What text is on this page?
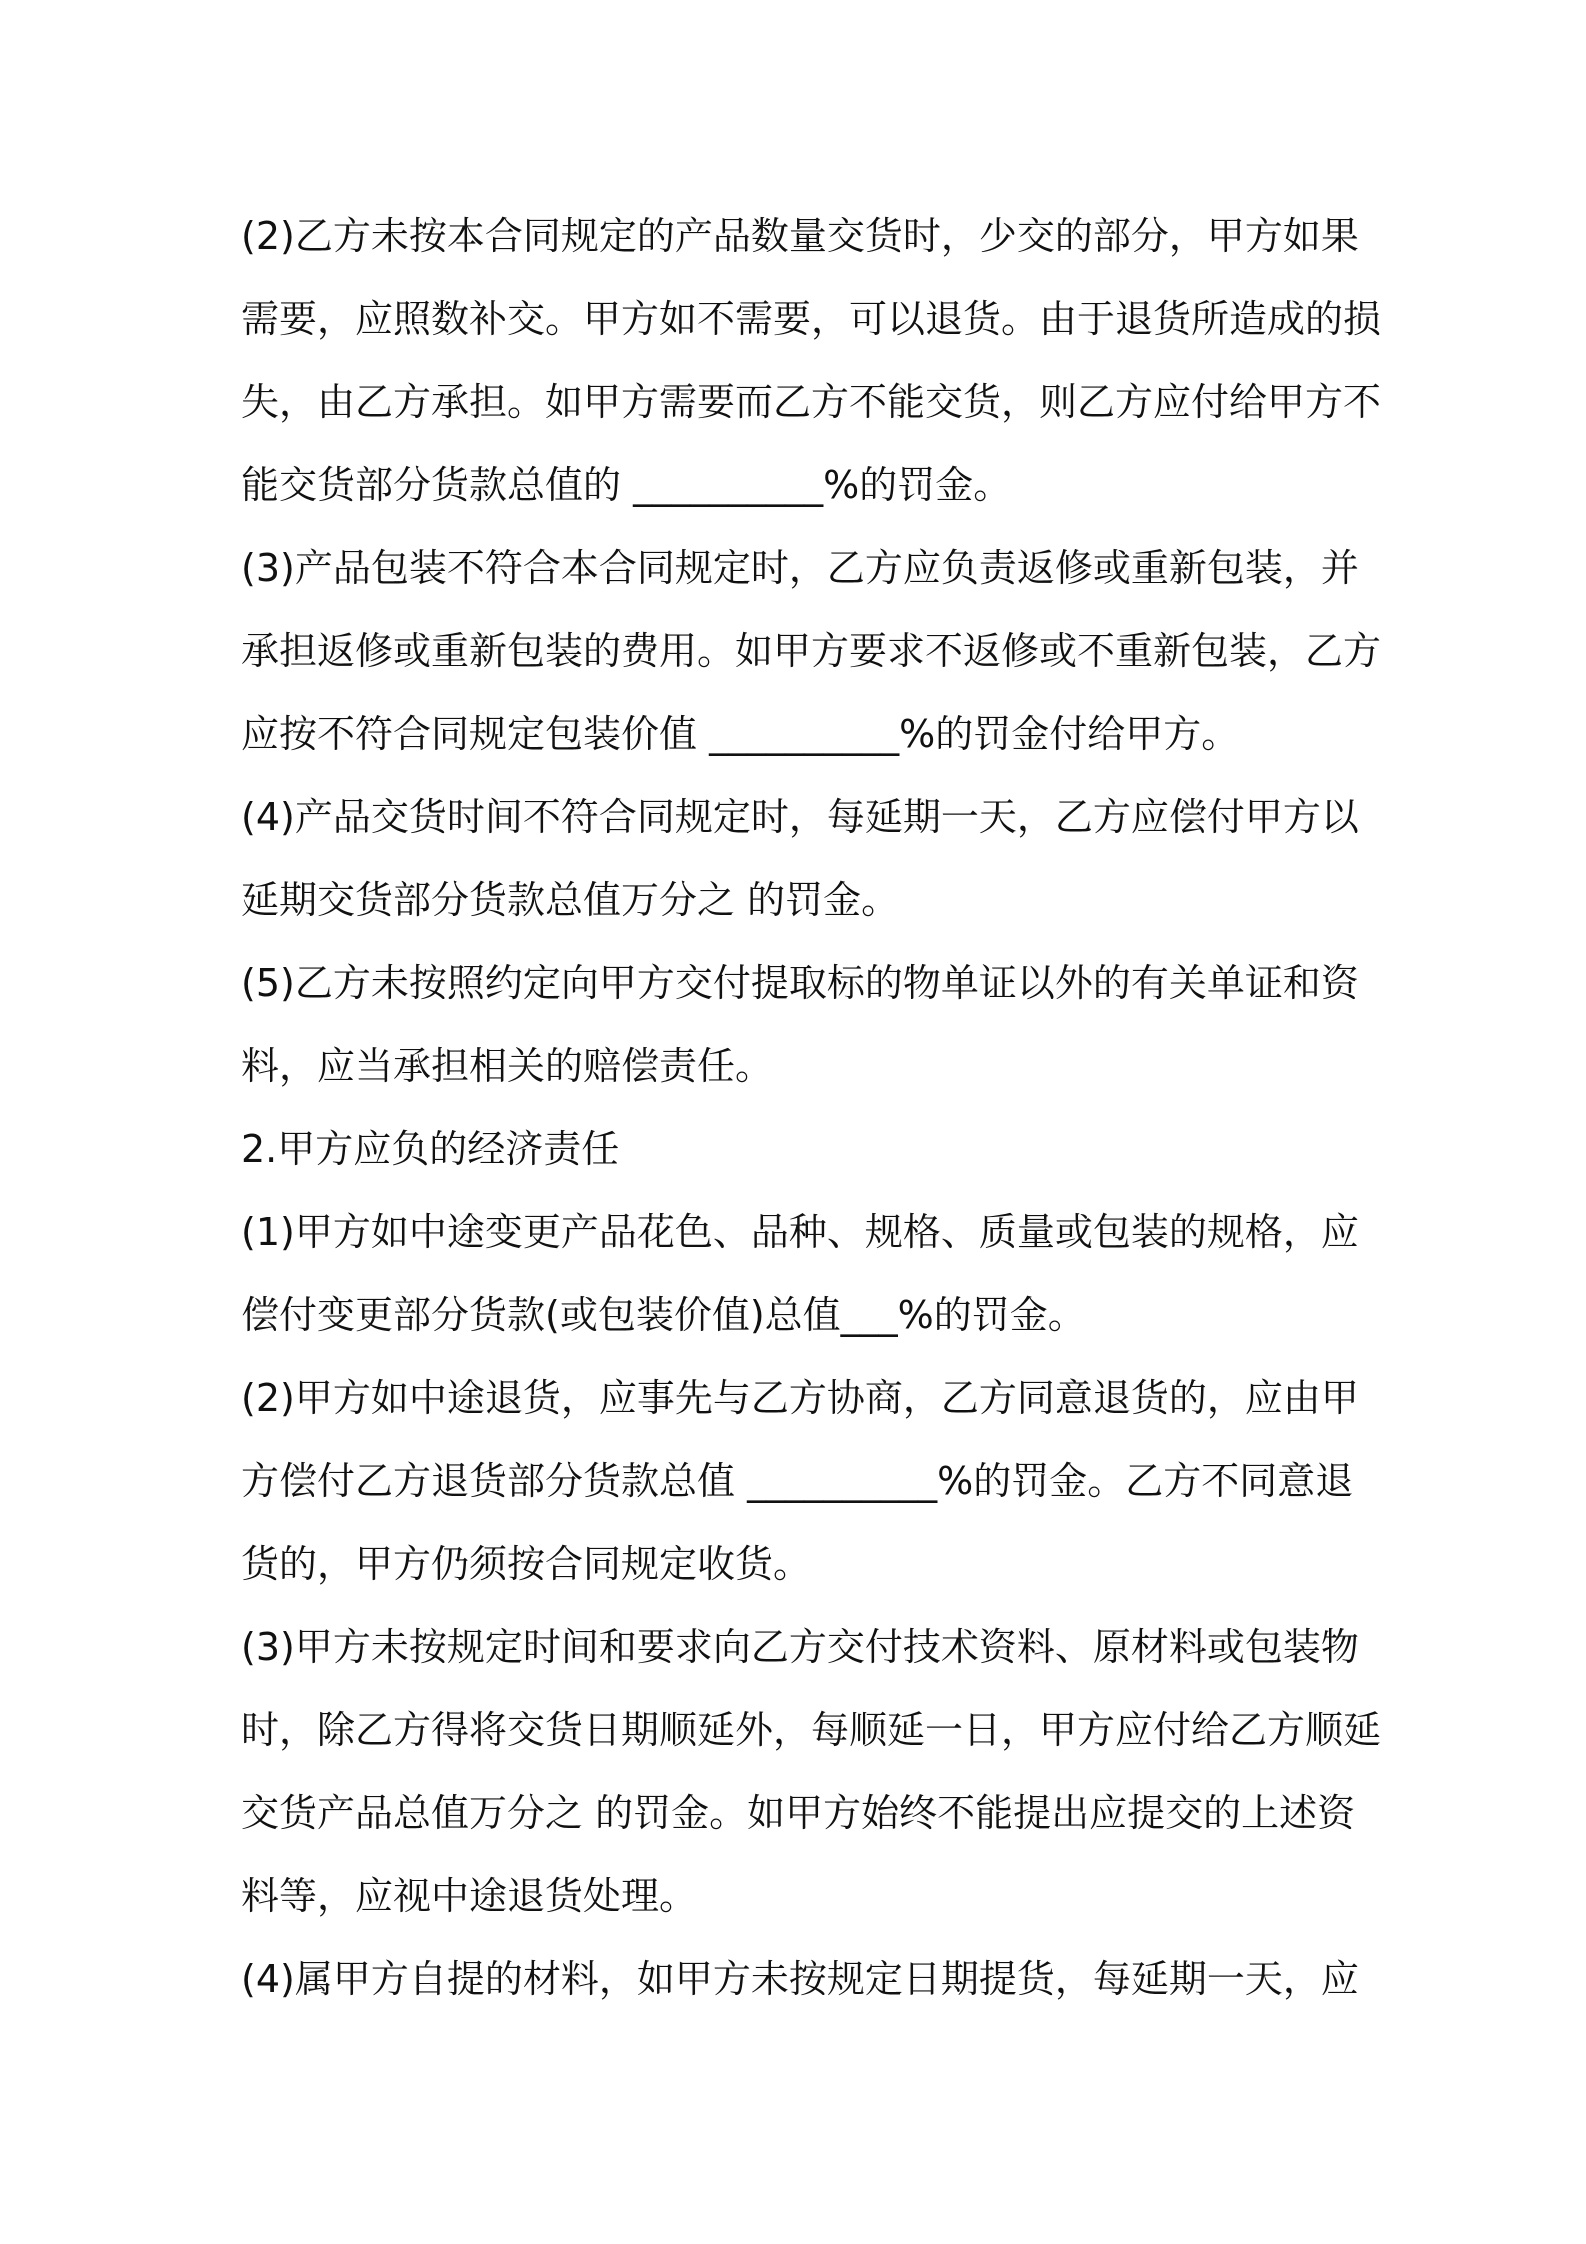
(2)乙方未按本合同规定的产品数量交货时，少交的部分，甲方如果
需要，应照数补交。甲方如不需要，可以退货。由于退货所造成的损
失，由乙方承担。如甲方需要而乙方不能交货，则乙方应付给甲方不
能交货部分货款总值的 __________%的罚金。
(3)产品包装不符合本合同规定时，乙方应负责返修或重新包装，并
承担返修或重新包装的费用。如甲方要求不返修或不重新包装，乙方
应按不符合同规定包装价值 __________%的罚金付给甲方。
(4)产品交货时间不符合同规定时，每延期一天，乙方应偿付甲方以
延期交货部分货款总值万分之 的罚金。
(5)乙方未按照约定向甲方交付提取标的物单证以外的有关单证和资
料，应当承担相关的赔偿责任。
2.甲方应负的经济责任
(1)甲方如中途变更产品花色、品种、规格、质量或包装的规格，应
偿付变更部分货款(或包装价值)总值___%的罚金。
(2)甲方如中途退货，应事先与乙方协商，乙方同意退货的，应由甲
方偿付乙方退货部分货款总值 __________%的罚金。乙方不同意退
货的，甲方仍须按合同规定收货。
(3)甲方未按规定时间和要求向乙方交付技术资料、原材料或包装物
时，除乙方得将交货日期顺延外，每顺延一日，甲方应付给乙方顺延
交货产品总值万分之 的罚金。如甲方始终不能提出应提交的上述资
料等，应视中途退货处理。
(4)属甲方自提的材料，如甲方未按规定日期提货，每延期一天，应
